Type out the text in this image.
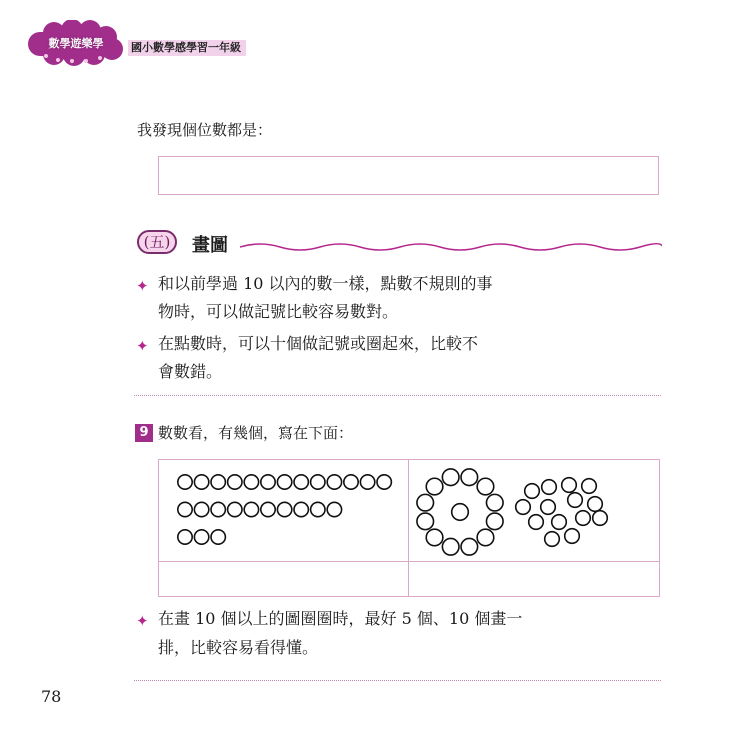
數學遊樂學	國小數學感學習一年級
我發現個位數都是：
(五)	畫圖
✦ 和以前學過 10 以內的數一樣，點數不規則的事
物時，可以做記號比較容易數對。
✦ 在點數時，可以十個做記號或圈起來，比較不
會數錯。
9 數數看，有幾個，寫在下面：
✦ 在畫 10 個以上的圖圈圈時，最好 5 個、10 個畫一
排，比較容易看得懂。
78
